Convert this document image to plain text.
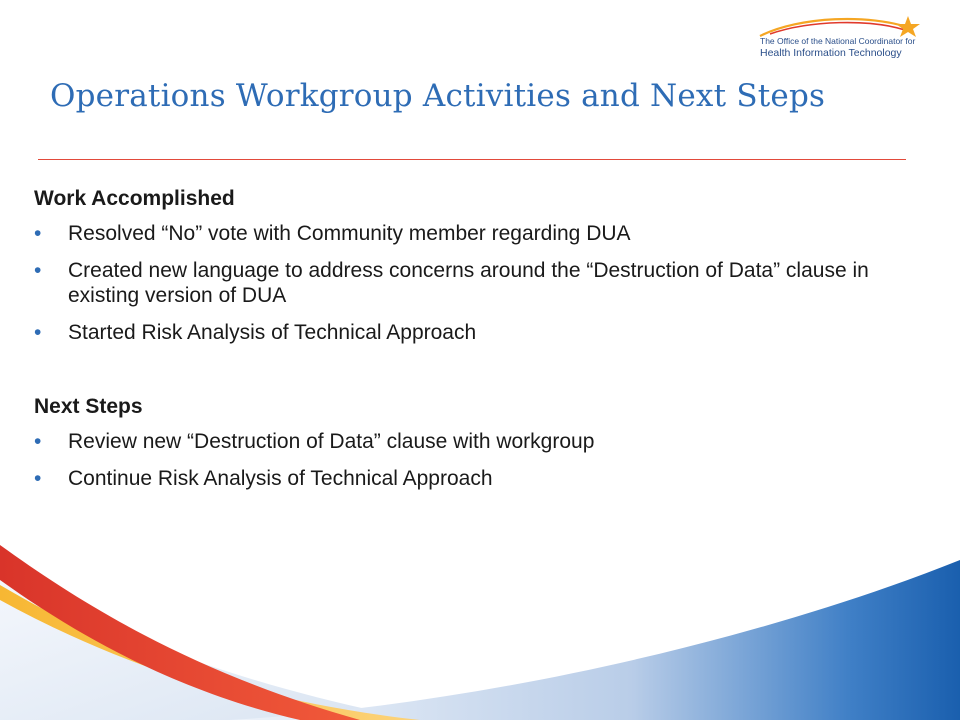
The Office of the National Coordinator for
Health Information Technology
Operations Workgroup Activities and Next Steps
Work Accomplished
• Resolved “No” vote with Community member regarding DUA
• Created new language to address concerns around the “Destruction of Data” clause in existing version of DUA
• Started Risk Analysis of Technical Approach
Next Steps
• Review new “Destruction of Data” clause with workgroup
• Continue Risk Analysis of Technical Approach
